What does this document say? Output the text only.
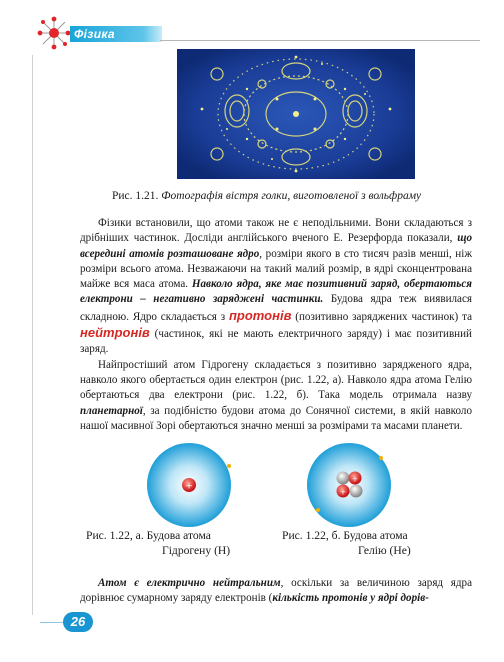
Фізика
Рис. 1.21. Фотографія вістря голки, виготовленої з вольфраму

Фізики встановили, що атоми також не є неподільними. Вони складаються з дрібніших частинок. Досліди англійського вченого Е. Резерфорда показали, що всередині атомів розташоване ядро, розміри якого в сто тисяч разів менші, ніж розміри всього атома. Незважаючи на такий малий розмір, в ядрі сконцентрована майже вся маса атома. Навколо ядра, яке має позитивний заряд, обертаються електрони – негативно заряджені частинки. Будова ядра теж виявилася складною. Ядро складається з протонів (позитивно заряджених частинок) та нейтронів (частинок, які не мають електричного заряду) і має позитивний заряд.

Найпростіший атом Гідрогену складається з позитивно зарядженого ядра, навколо якого обертається один електрон (рис. 1.22, а). Навколо ядра атома Гелію обертаються два електрони (рис. 1.22, б). Така модель отримала назву планетарної, за подібністю будови атома до Сонячної системи, в якій навколо нашої масивної Зорі обертаються значно менші за розмірами та масами планети.

+
Рис. 1.22, а. Будова атома
Гідрогену (Н)
+
+
Рис. 1.22, б. Будова атома
Гелію (Не)

Атом є електрично нейтральним, оскільки за величиною заряд ядра дорівнює сумарному заряду електронів (кількість протонів у ядрі дорів-

26
